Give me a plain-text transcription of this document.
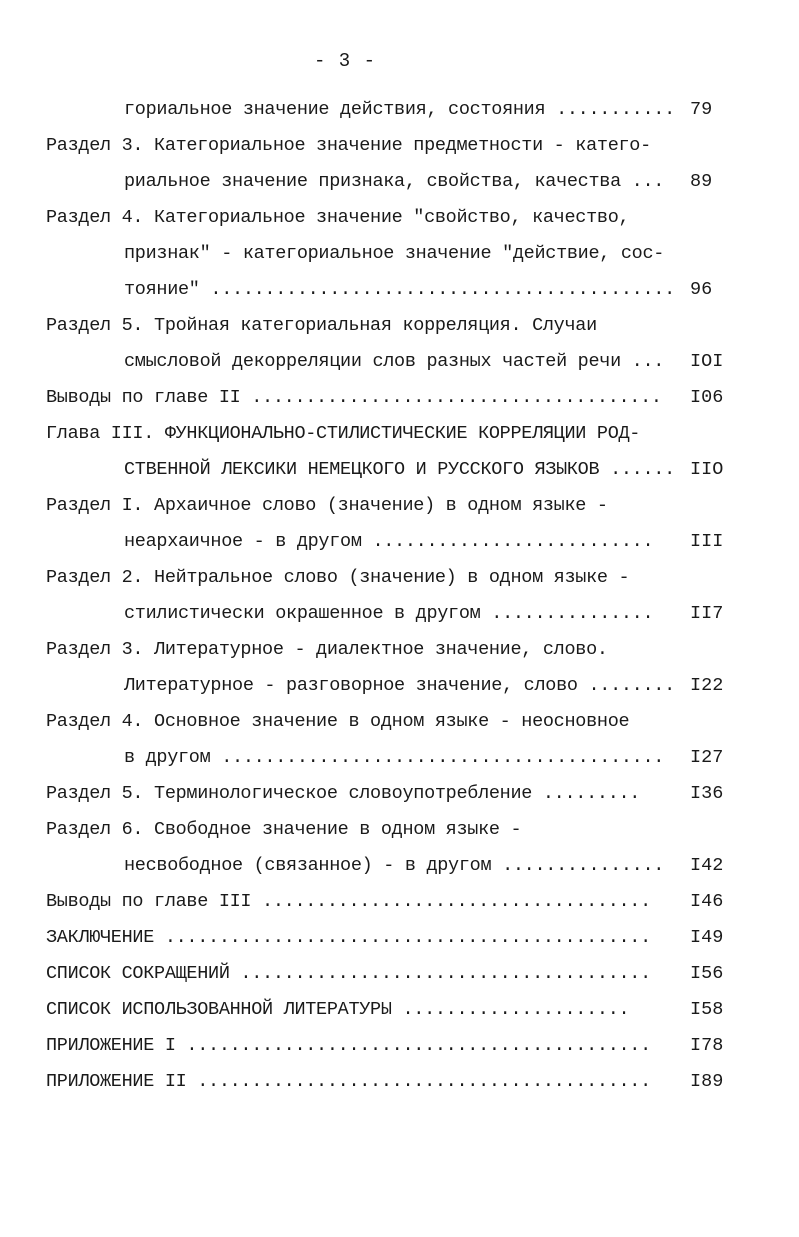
- 3 -
гориальное значение действия, состояния ........... 79
Раздел 3. Категориальное значение предметности - катего-
риальное значение признака, свойства, качества ... 89
Раздел 4. Категориальное значение "свойство, качество,
признак" - категориальное значение "действие, сос-
тояние" ........................................... 96
Раздел 5. Тройная категориальная корреляция. Случаи
смысловой декорреляции слов разных частей речи ... IOI
Выводы по главе II ...................................... I06
Глава III. ФУНКЦИОНАЛЬНО-СТИЛИСТИЧЕСКИЕ КОРРЕЛЯЦИИ РОД-
СТВЕННОЙ ЛЕКСИКИ НЕМЕЦКОГО И РУССКОГО ЯЗЫКОВ ...... IIO
Раздел I. Архаичное слово (значение) в одном языке -
неархаичное - в другом .......................... III
Раздел 2. Нейтральное слово (значение) в одном языке -
стилистически окрашенное в другом ............... II7
Раздел 3. Литературное - диалектное значение, слово.
Литературное - разговорное значение, слово ........ I22
Раздел 4. Основное значение в одном языке - неосновное
в другом ......................................... I27
Раздел 5. Терминологическое словоупотребление .........	I36
Раздел 6. Свободное значение в одном языке -
несвободное (связанное) - в другом ............... I42
Выводы по главе III .................................... I46
ЗАКЛЮЧЕНИЕ ............................................. I49
СПИСОК СОКРАЩЕНИЙ ...................................... I56
СПИСОК ИСПОЛЬЗОВАННОЙ ЛИТЕРАТУРЫ .....................	I58
ПРИЛОЖЕНИЕ I ........................................... I78
ПРИЛОЖЕНИЕ II .......................................... I89
